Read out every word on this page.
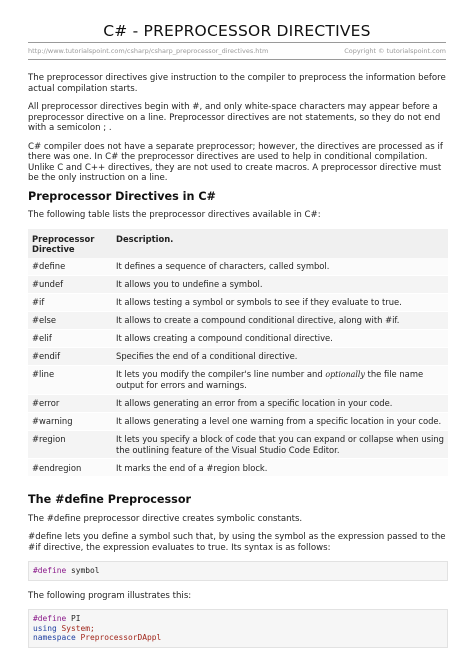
C# - PREPROCESSOR DIRECTIVES
http://www.tutorialspoint.com/csharp/csharp_preprocessor_directives.htm	Copyright © tutorialspoint.com

The preprocessor directives give instruction to the compiler to preprocess the information before actual compilation starts.

All preprocessor directives begin with #, and only white-space characters may appear before a preprocessor directive on a line. Preprocessor directives are not statements, so they do not end with a semicolon ; .

C# compiler does not have a separate preprocessor; however, the directives are processed as if there was one. In C# the preprocessor directives are used to help in conditional compilation. Unlike C and C++ directives, they are not used to create macros. A preprocessor directive must be the only instruction on a line.

Preprocessor Directives in C#

The following table lists the preprocessor directives available in C#:

Preprocessor Directive	Description.
#define	It defines a sequence of characters, called symbol.
#undef	It allows you to undefine a symbol.
#if	It allows testing a symbol or symbols to see if they evaluate to true.
#else	It allows to create a compound conditional directive, along with #if.
#elif	It allows creating a compound conditional directive.
#endif	Specifies the end of a conditional directive.
#line	It lets you modify the compiler's line number and optionally the file name output for errors and warnings.
#error	It allows generating an error from a specific location in your code.
#warning	It allows generating a level one warning from a specific location in your code.
#region	It lets you specify a block of code that you can expand or collapse when using the outlining feature of the Visual Studio Code Editor.
#endregion	It marks the end of a #region block.
The #define Preprocessor

The #define preprocessor directive creates symbolic constants.

#define lets you define a symbol such that, by using the symbol as the expression passed to the #if directive, the expression evaluates to true. Its syntax is as follows:

#define symbol

The following program illustrates this:

#define PI
using System;
namespace PreprocessorDAppl
